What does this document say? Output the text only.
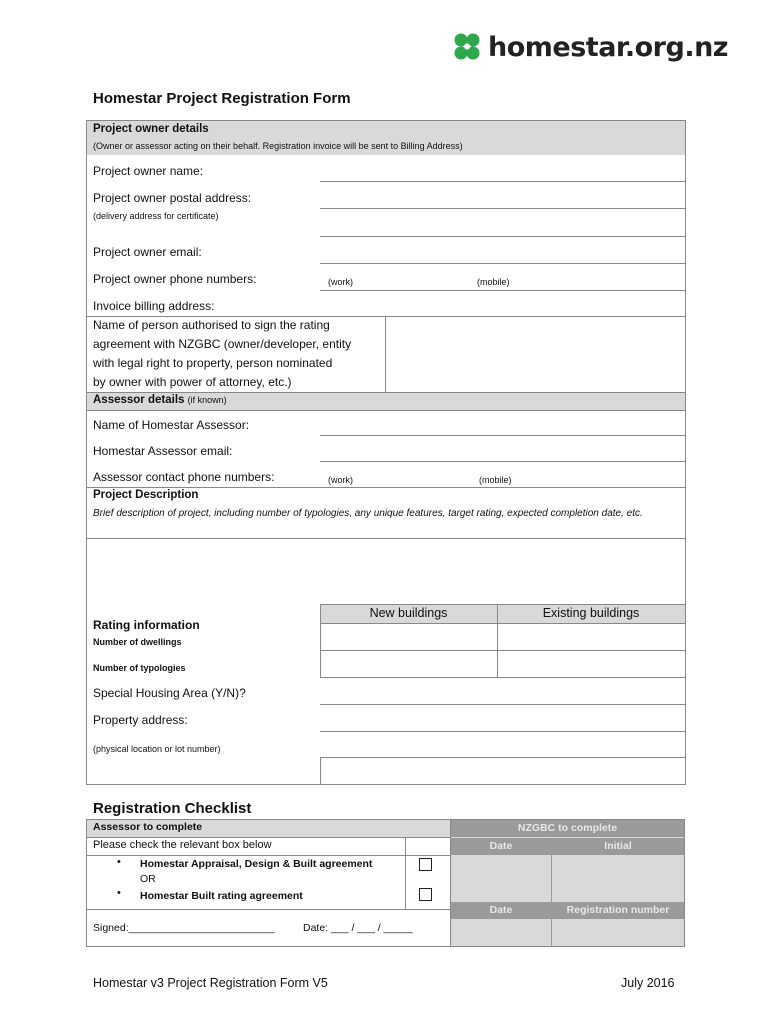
homestar.org.nz
Homestar Project Registration Form
Project owner details
(Owner or assessor acting on their behalf. Registration invoice will be sent to Billing Address)
Project owner name:
Project owner postal address:
(delivery address for certificate)
Project owner email:
Project owner phone numbers:	(work)	(mobile)
Invoice billing address:
Name of person authorised to sign the rating
agreement with NZGBC (owner/developer, entity
with legal right to property, person nominated
by owner with power of attorney, etc.)
Assessor details (if known)
Name of Homestar Assessor:
Homestar Assessor email:
Assessor contact phone numbers:	(work)	(mobile)
Project Description
Brief description of project, including number of typologies, any unique features, target rating, expected completion date, etc.
New buildings	Existing buildings
Rating information
Number of dwellings
Number of typologies
Special Housing Area (Y/N)?
Property address:
(physical location or lot number)
Registration Checklist
Assessor to complete
Please check the relevant box below
• Homestar Appraisal, Design & Built agreement
OR
• Homestar Built rating agreement
Signed:_________________________	Date: ___ / ___ / _____
NZGBC to complete
Date	Initial
Date	Registration number
Homestar v3 Project Registration Form V5	July 2016
